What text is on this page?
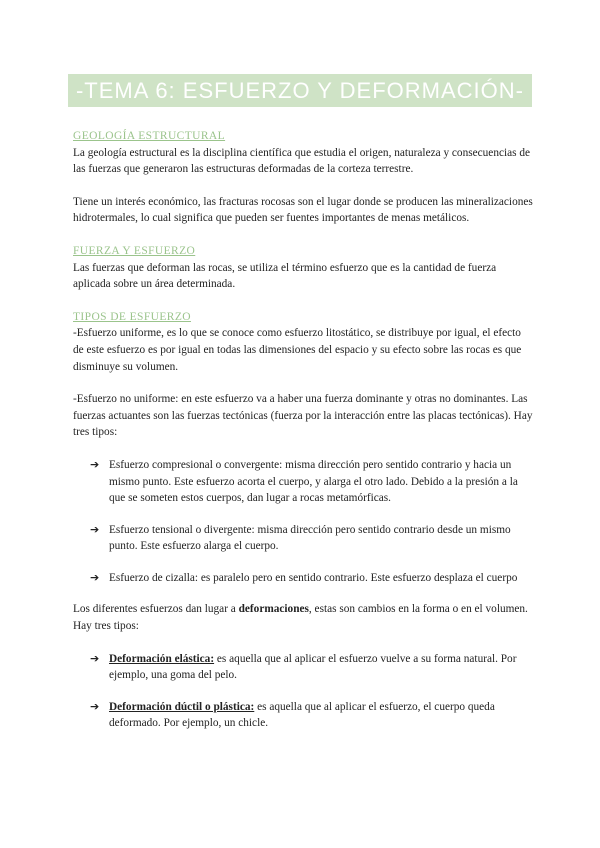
-TEMA 6: ESFUERZO Y DEFORMACIÓN-

GEOLOGÍA ESTRUCTURAL

La geología estructural es la disciplina científica que estudia el origen, naturaleza y consecuencias de las fuerzas que generaron las estructuras deformadas de la corteza terrestre.

Tiene un interés económico, las fracturas rocosas son el lugar donde se producen las mineralizaciones hidrotermales, lo cual significa que pueden ser fuentes importantes de menas metálicos.

FUERZA Y ESFUERZO

Las fuerzas que deforman las rocas, se utiliza el término esfuerzo que es la cantidad de fuerza aplicada sobre un área determinada.

TIPOS DE ESFUERZO

-Esfuerzo uniforme, es lo que se conoce como esfuerzo litostático, se distribuye por igual, el efecto de este esfuerzo es por igual en todas las dimensiones del espacio y su efecto sobre las rocas es que disminuye su volumen.

-Esfuerzo no uniforme: en este esfuerzo va a haber una fuerza dominante y otras no dominantes. Las fuerzas actuantes son las fuerzas tectónicas (fuerza por la interacción entre las placas tectónicas). Hay tres tipos:

➔ Esfuerzo compresional o convergente: misma dirección pero sentido contrario y hacia un mismo punto. Este esfuerzo acorta el cuerpo, y alarga el otro lado. Debido a la presión a la que se someten estos cuerpos, dan lugar a rocas metamórficas.
➔ Esfuerzo tensional o divergente: misma dirección pero sentido contrario desde un mismo punto. Este esfuerzo alarga el cuerpo.
➔ Esfuerzo de cizalla: es paralelo pero en sentido contrario. Este esfuerzo desplaza el cuerpo

Los diferentes esfuerzos dan lugar a deformaciones, estas son cambios en la forma o en el volumen. Hay tres tipos:

➔ Deformación elástica: es aquella que al aplicar el esfuerzo vuelve a su forma natural. Por ejemplo, una goma del pelo.
➔ Deformación dúctil o plástica: es aquella que al aplicar el esfuerzo, el cuerpo queda deformado. Por ejemplo, un chicle.
